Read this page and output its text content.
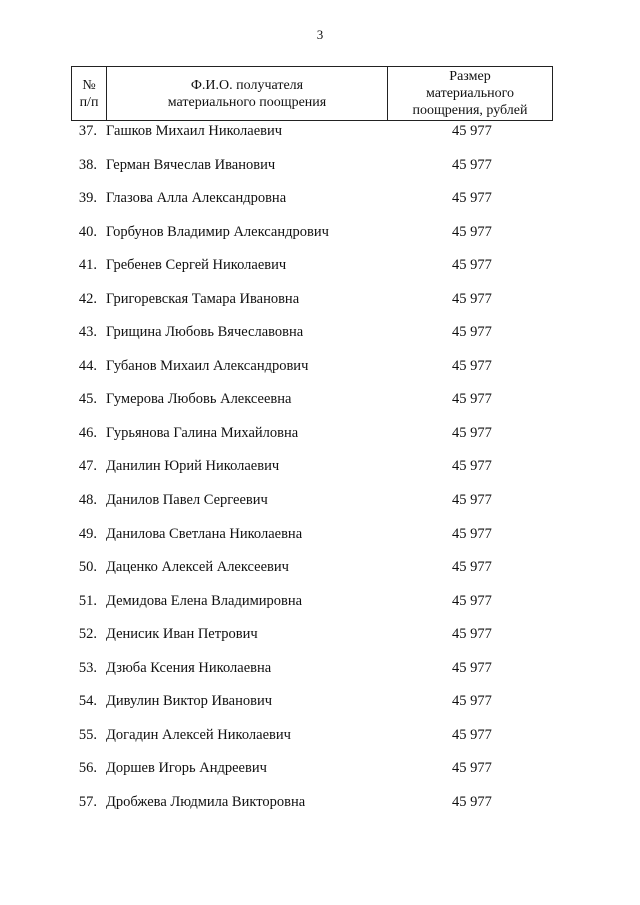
3
№
п/п

Ф.И.О. получателя
материального поощрения

Размер
материального
поощрения, рублей
37. Гашков Михаил Николаевич	45 977
38. Герман Вячеслав Иванович	45 977
39. Глазова Алла Александровна	45 977
40. Горбунов Владимир Александрович	45 977
41. Гребенев Сергей Николаевич	45 977
42. Григоревская Тамара Ивановна	45 977
43. Грищина Любовь Вячеславовна	45 977
44. Губанов Михаил Александрович	45 977
45. Гумерова Любовь Алексеевна	45 977
46. Гурьянова Галина Михайловна	45 977
47. Данилин Юрий Николаевич	45 977
48. Данилов Павел Сергеевич	45 977
49. Данилова Светлана Николаевна	45 977
50. Даценко Алексей Алексеевич	45 977
51. Демидова Елена Владимировна	45 977
52. Денисик Иван Петрович	45 977
53. Дзюба Ксения Николаевна	45 977
54. Дивулин Виктор Иванович	45 977
55. Догадин Алексей Николаевич	45 977
56. Доршев Игорь Андреевич	45 977
57. Дробжева Людмила Викторовна	45 977
